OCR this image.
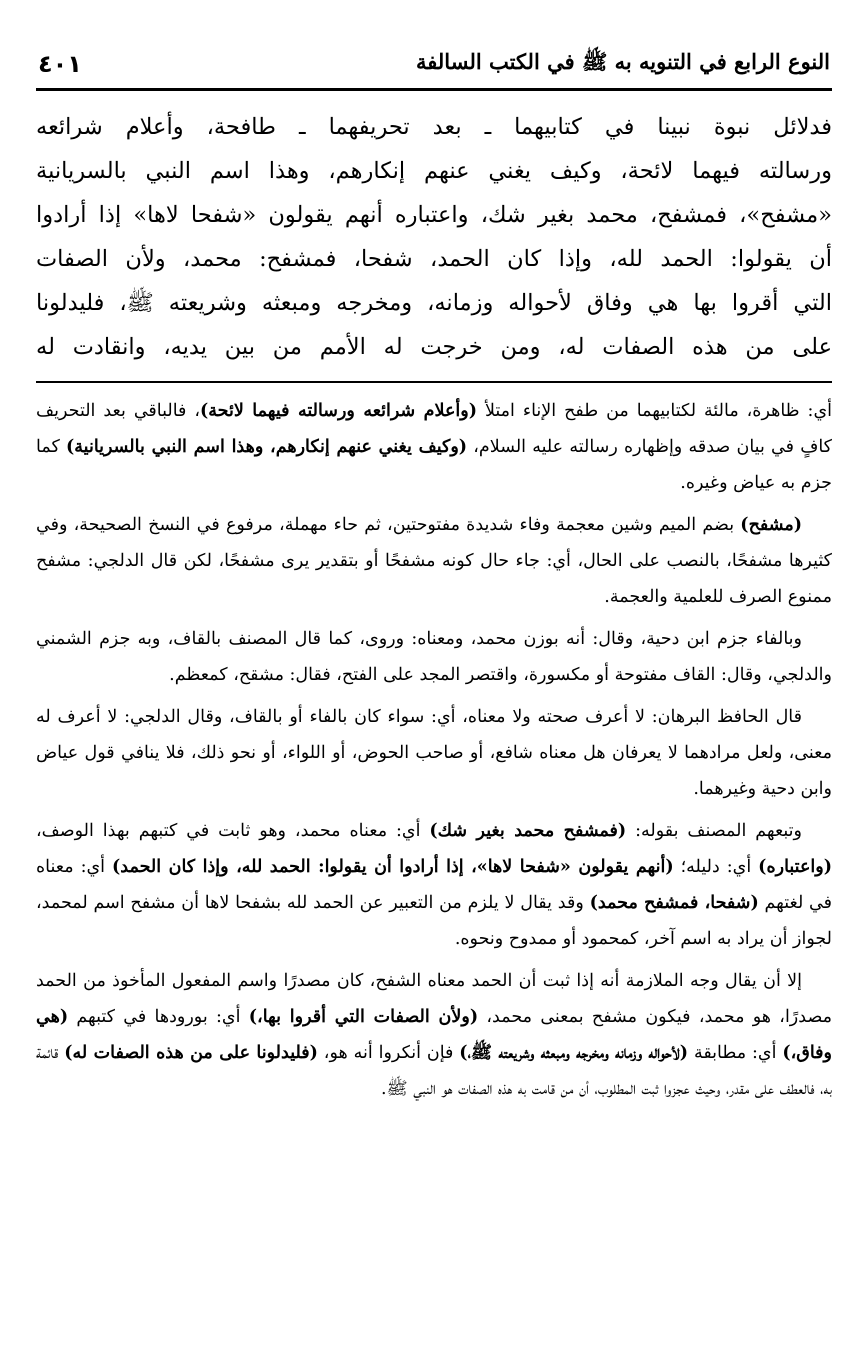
النوع الرابع في التنويه به ﷺ في الكتب السالفة
٤٠١
فدلائل نبوة نبينا في كتابيهما ـ بعد تحريفهما ـ طافحة، وأعلام شرائعه
ورسالته فيهما لائحة، وكيف يغني عنهم إنكارهم، وهذا اسم النبي بالسريانية
«مشفح»، فمشفح، محمد بغير شك، واعتباره أنهم يقولون «شفحا لاها» إذا أرادوا
أن يقولوا: الحمد لله، وإذا كان الحمد، شفحا، فمشفح: محمد، ولأن الصفات
التي أقروا بها هي وفاق لأحواله وزمانه، ومخرجه ومبعثه وشريعته ﷺ، فليدلونا
على من هذه الصفات له، ومن خرجت له الأمم من بين يديه، وانقادت له

أي: ظاهرة، مالئة لكتابيهما من طفح الإناء امتلأ (وأعلام شرائعه ورسالته فيهما لائحة)، فالباقي بعد التحريف كافٍ في بيان صدقه وإظهاره رسالته عليه السلام، (وكيف يغني عنهم إنكارهم، وهذا اسم النبي بالسريانية) كما جزم به عياض وغيره.

(مشفح) بضم الميم وشين معجمة وفاء شديدة مفتوحتين، ثم حاء مهملة، مرفوع في النسخ الصحيحة، وفي كثيرها مشفحًا، بالنصب على الحال، أي: جاء حال كونه مشفحًا أو بتقدير يرى مشفحًا، لكن قال الدلجي: مشفح ممنوع الصرف للعلمية والعجمة.

وبالفاء جزم ابن دحية، وقال: أنه بوزن محمد، ومعناه: وروى، كما قال المصنف بالقاف، وبه جزم الشمني والدلجي، وقال: القاف مفتوحة أو مكسورة، واقتصر المجد على الفتح، فقال: مشقح، كمعظم.

قال الحافظ البرهان: لا أعرف صحته ولا معناه، أي: سواء كان بالفاء أو بالقاف، وقال الدلجي: لا أعرف له معنى، ولعل مرادهما لا يعرفان هل معناه شافع، أو صاحب الحوض، أو اللواء، أو نحو ذلك، فلا ينافي قول عياض وابن دحية وغيرهما.

وتبعهم المصنف بقوله: (فمشفح محمد بغير شك) أي: معناه محمد، وهو ثابت في كتبهم بهذا الوصف، (واعتباره) أي: دليله؛ (أنهم يقولون «شفحا لاها»، إذا أرادوا أن يقولوا: الحمد لله، وإذا كان الحمد) أي: معناه في لغتهم (شفحا، فمشفح محمد) وقد يقال لا يلزم من التعبير عن الحمد لله بشفحا لاها أن مشفح اسم لمحمد، لجواز أن يراد به اسم آخر، كمحمود أو ممدوح ونحوه.

إلا أن يقال وجه الملازمة أنه إذا ثبت أن الحمد معناه الشفح، كان مصدرًا واسم المفعول المأخوذ من الحمد مصدرًا، هو محمد، فيكون مشفح بمعنى محمد، (ولأن الصفات التي أقروا بها،) أي: بورودها في كتبهم (هي وفاق،) أي: مطابقة (لأحواله وزمانه ومخرجه ومبعثه وشريعته ﷺ،) فإن أنكروا أنه هو، (فليدلونا على من هذه الصفات له) قائمة به، فالعطف على مقدر، وحيث عجزوا ثبت المطلوب، أن من قامت به هذه الصفات هو النبي ﷺ.
